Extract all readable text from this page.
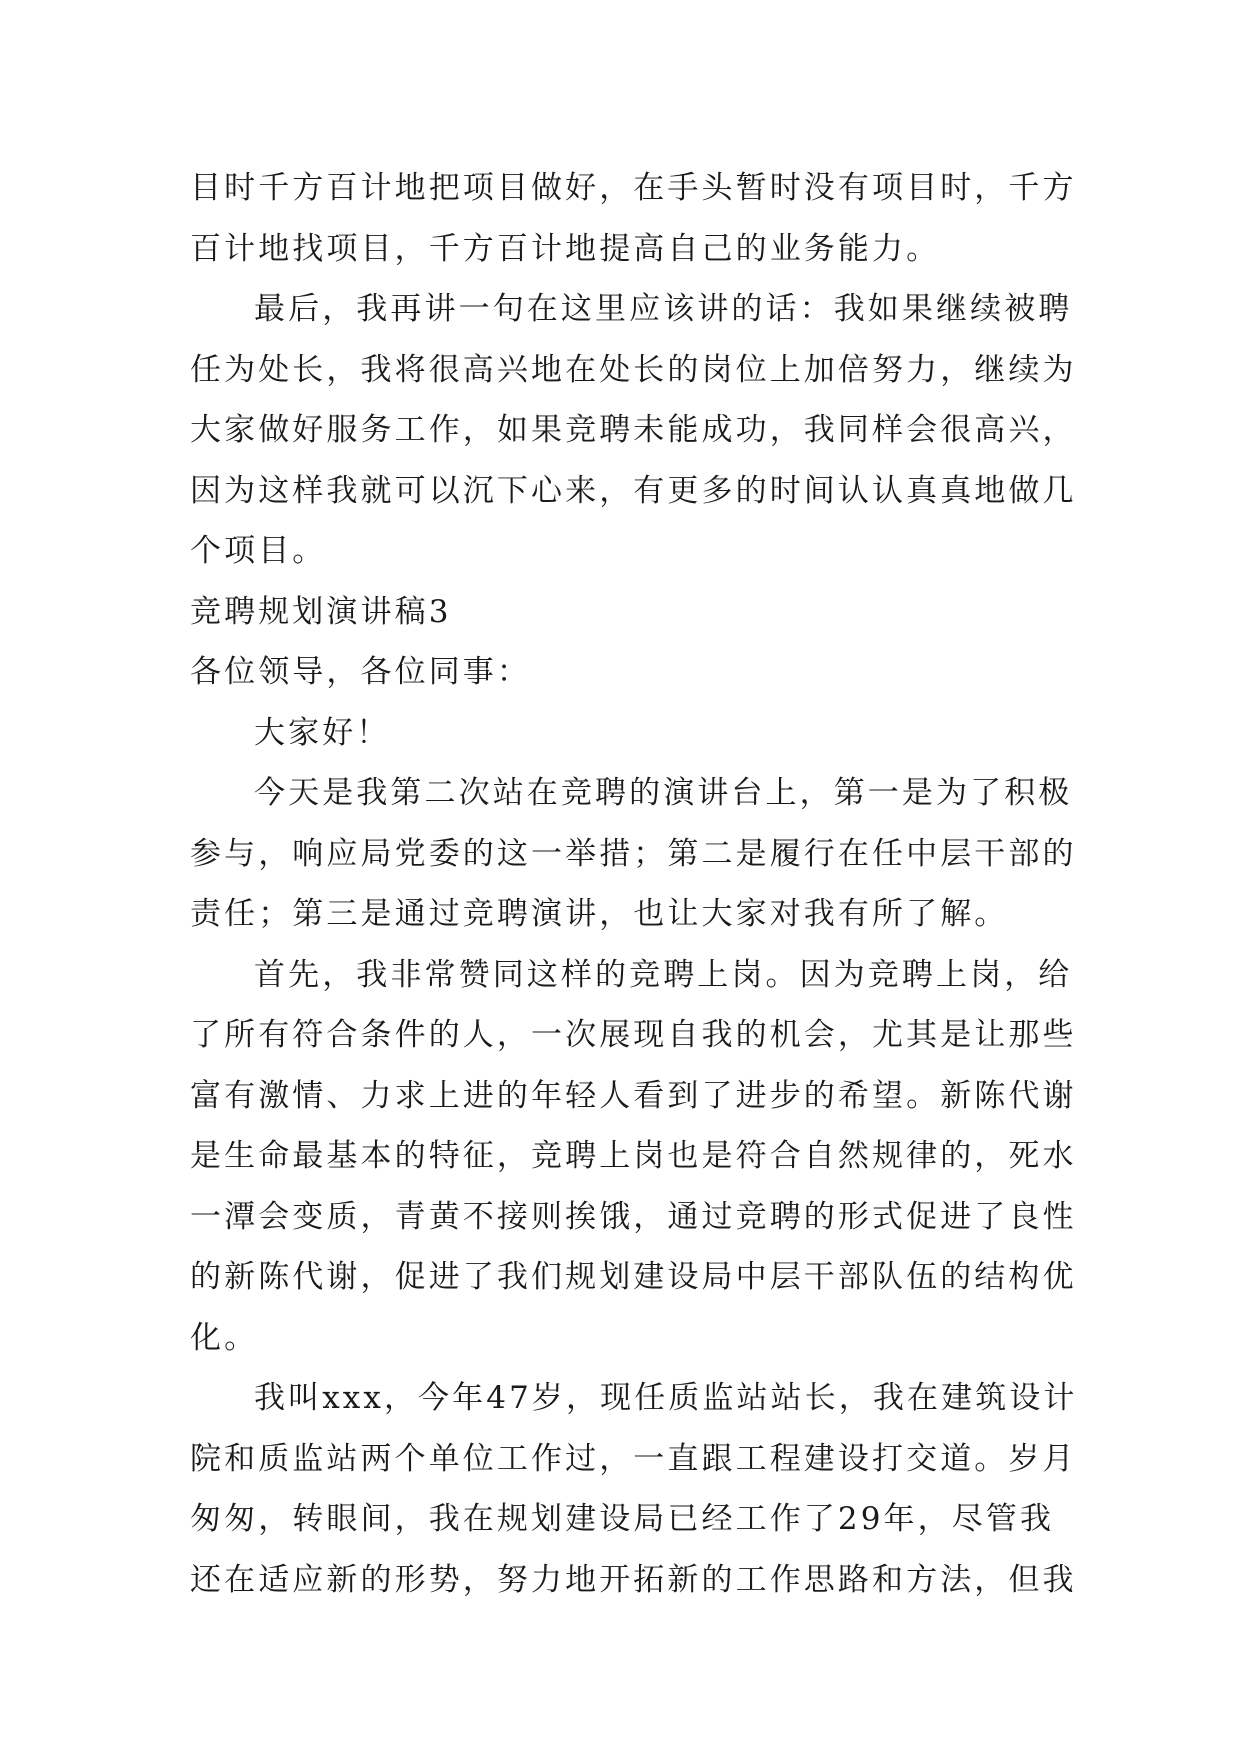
目时千方百计地把项目做好，在手头暂时没有项目时，千方
百计地找项目，千方百计地提高自己的业务能力。
最后，我再讲一句在这里应该讲的话：我如果继续被聘
任为处长，我将很高兴地在处长的岗位上加倍努力，继续为
大家做好服务工作，如果竞聘未能成功，我同样会很高兴，
因为这样我就可以沉下心来，有更多的时间认认真真地做几
个项目。
竞聘规划演讲稿3
各位领导，各位同事：
大家好！
今天是我第二次站在竞聘的演讲台上，第一是为了积极
参与，响应局党委的这一举措；第二是履行在任中层干部的
责任；第三是通过竞聘演讲，也让大家对我有所了解。
首先，我非常赞同这样的竞聘上岗。因为竞聘上岗，给
了所有符合条件的人，一次展现自我的机会，尤其是让那些
富有激情、力求上进的年轻人看到了进步的希望。新陈代谢
是生命最基本的特征，竞聘上岗也是符合自然规律的，死水
一潭会变质，青黄不接则挨饿，通过竞聘的形式促进了良性
的新陈代谢，促进了我们规划建设局中层干部队伍的结构优
化。
我叫xxx，今年47岁，现任质监站站长，我在建筑设计
院和质监站两个单位工作过，一直跟工程建设打交道。岁月
匆匆，转眼间，我在规划建设局已经工作了29年，尽管我
还在适应新的形势，努力地开拓新的工作思路和方法，但我
